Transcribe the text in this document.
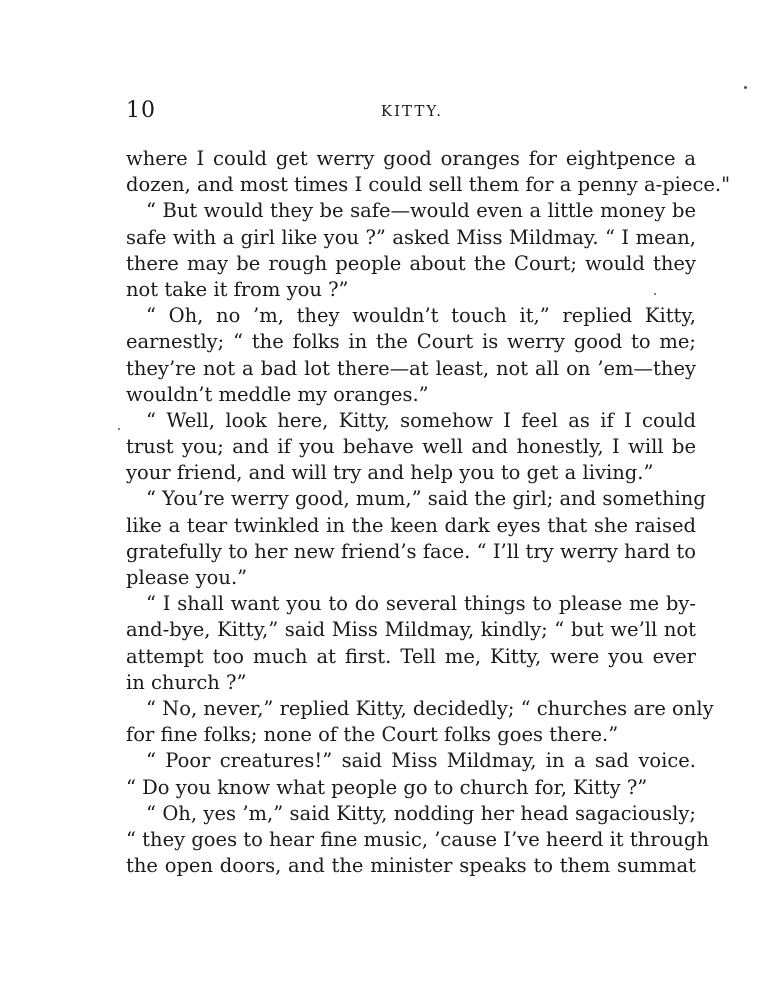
10	KITTY.
where I could get werry good oranges for eightpence a
dozen, and most times I could sell them for a penny a-piece."
“ But would they be safe—would even a little money be
safe with a girl like you ?” asked Miss Mildmay. “ I mean,
there may be rough people about the Court; would they
not take it from you ?”
“ Oh, no ’m, they wouldn’t touch it,” replied Kitty,
earnestly; “ the folks in the Court is werry good to me;
they’re not a bad lot there—at least, not all on ’em—they
wouldn’t meddle my oranges.”
“ Well, look here, Kitty, somehow I feel as if I could
trust you; and if you behave well and honestly, I will be
your friend, and will try and help you to get a living.”
“ You’re werry good, mum,” said the girl; and something
like a tear twinkled in the keen dark eyes that she raised
gratefully to her new friend’s face. “ I’ll try werry hard to
please you.”
“ I shall want you to do several things to please me by-
and-bye, Kitty,” said Miss Mildmay, kindly; “ but we’ll not
attempt too much at first. Tell me, Kitty, were you ever
in church ?”
“ No, never,” replied Kitty, decidedly; “ churches are only
for fine folks; none of the Court folks goes there.”
“ Poor creatures!” said Miss Mildmay, in a sad voice.
“ Do you know what people go to church for, Kitty ?”
“ Oh, yes ’m,” said Kitty, nodding her head sagaciously;
“ they goes to hear fine music, ’cause I’ve heerd it through
the open doors, and the minister speaks to them summat
